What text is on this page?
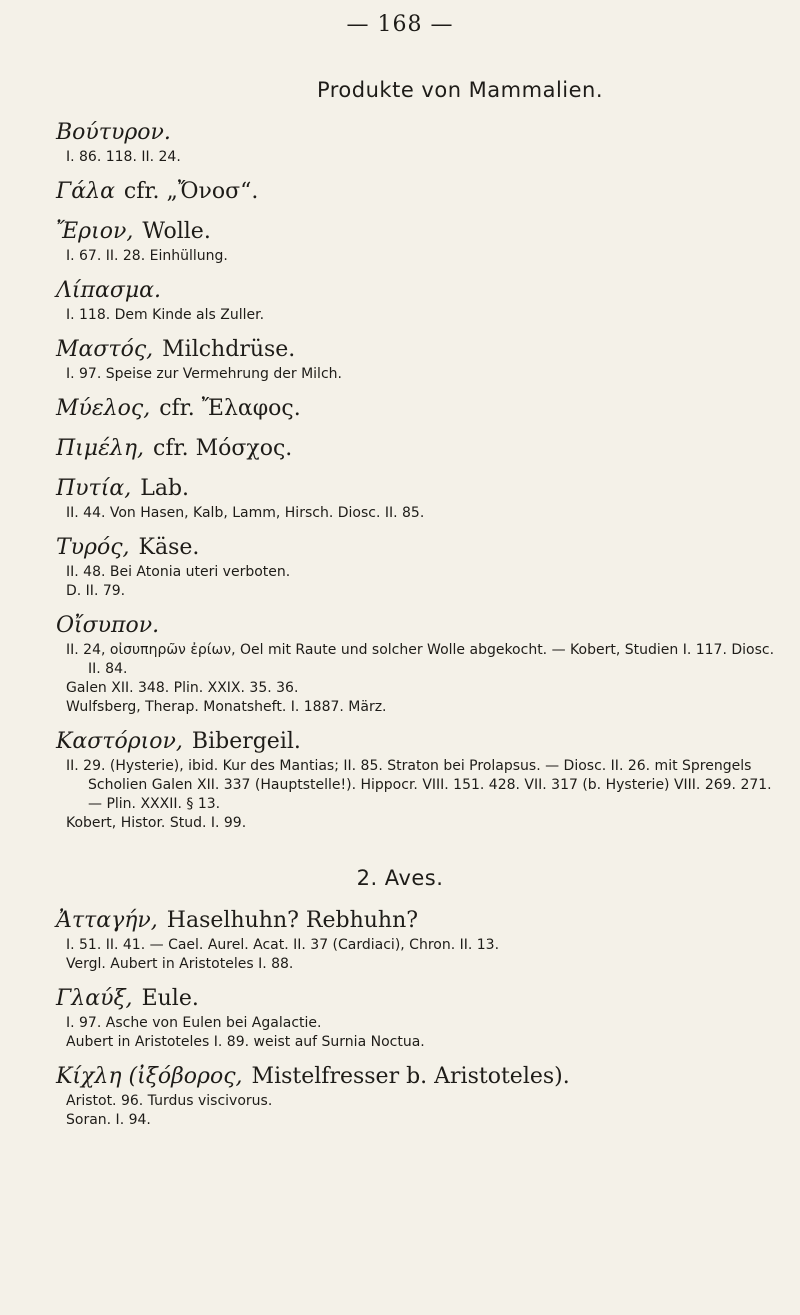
— 168 —
Produkte von Mammalien.
Βούτυρον.
I. 86. 118. II. 24.
Γάλα cfr. „Ὄνοσ“.
Ἔριον, Wolle.
I. 67. II. 28. Einhüllung.
Λίπασμα.
I. 118. Dem Kinde als Zuller.
Μαστός, Milchdrüse.
I. 97. Speise zur Vermehrung der Milch.
Μύελος, cfr. Ἔλαφος.
Πιμέλη, cfr. Μόσχος.
Πυτία, Lab.
II. 44. Von Hasen, Kalb, Lamm, Hirsch. Diosc. II. 85.
Τυρός, Käse.
II. 48. Bei Atonia uteri verboten.
D. II. 79.
Οἴσυπον.
II. 24, οἰσυπηρῶν ἐρίων, Oel mit Raute und solcher Wolle abgekocht. — Kobert, Studien I. 117. Diosc. II. 84.
Galen XII. 348. Plin. XXIX. 35. 36.
Wulfsberg, Therap. Monatsheft. I. 1887. März.
Καστόριον, Bibergeil.
II. 29. (Hysterie), ibid. Kur des Mantias; II. 85. Straton bei Prolapsus. — Diosc. II. 26. mit Sprengels Scholien Galen XII. 337 (Hauptstelle!). Hippocr. VIII. 151. 428. VII. 317 (b. Hysterie) VIII. 269. 271. — Plin. XXXII. § 13.
Kobert, Histor. Stud. I. 99.
2. Aves.
Ἀτταγήν, Haselhuhn? Rebhuhn?
I. 51. II. 41. — Cael. Aurel. Acat. II. 37 (Cardiaci), Chron. II. 13.
Vergl. Aubert in Aristoteles I. 88.
Γλαύξ, Eule.
I. 97. Asche von Eulen bei Agalactie.
Aubert in Aristoteles I. 89. weist auf Surnia Noctua.
Κίχλη (ἰξόβορος, Mistelfresser b. Aristoteles).
Aristot. 96. Turdus viscivorus.
Soran. I. 94.
